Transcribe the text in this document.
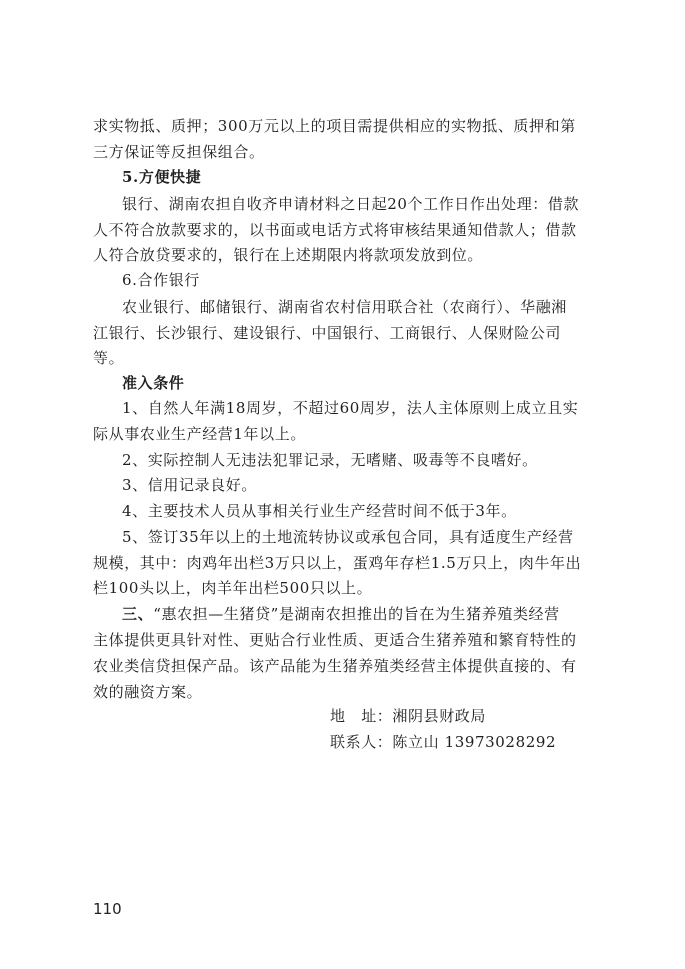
求实物抵、质押；300万元以上的项目需提供相应的实物抵、质押和第
三方保证等反担保组合。
5.方便快捷
银行、湖南农担自收齐申请材料之日起20个工作日作出处理：借款
人不符合放款要求的，以书面或电话方式将审核结果通知借款人；借款
人符合放贷要求的，银行在上述期限内将款项发放到位。
6.合作银行
农业银行、邮储银行、湖南省农村信用联合社（农商行）、华融湘
江银行、长沙银行、建设银行、中国银行、工商银行、人保财险公司
等。
准入条件
1、自然人年满18周岁，不超过60周岁，法人主体原则上成立且实
际从事农业生产经营1年以上。
2、实际控制人无违法犯罪记录，无嗜赌、吸毒等不良嗜好。
3、信用记录良好。
4、主要技术人员从事相关行业生产经营时间不低于3年。
5、签订35年以上的土地流转协议或承包合同，具有适度生产经营
规模，其中：肉鸡年出栏3万只以上，蛋鸡年存栏1.5万只上，肉牛年出
栏100头以上，肉羊年出栏500只以上。
三、“惠农担—生猪贷”是湖南农担推出的旨在为生猪养殖类经营
主体提供更具针对性、更贴合行业性质、更适合生猪养殖和繁育特性的
农业类信贷担保产品。该产品能为生猪养殖类经营主体提供直接的、有
效的融资方案。
地　址：湘阴县财政局
联系人：陈立山 13973028292
110
